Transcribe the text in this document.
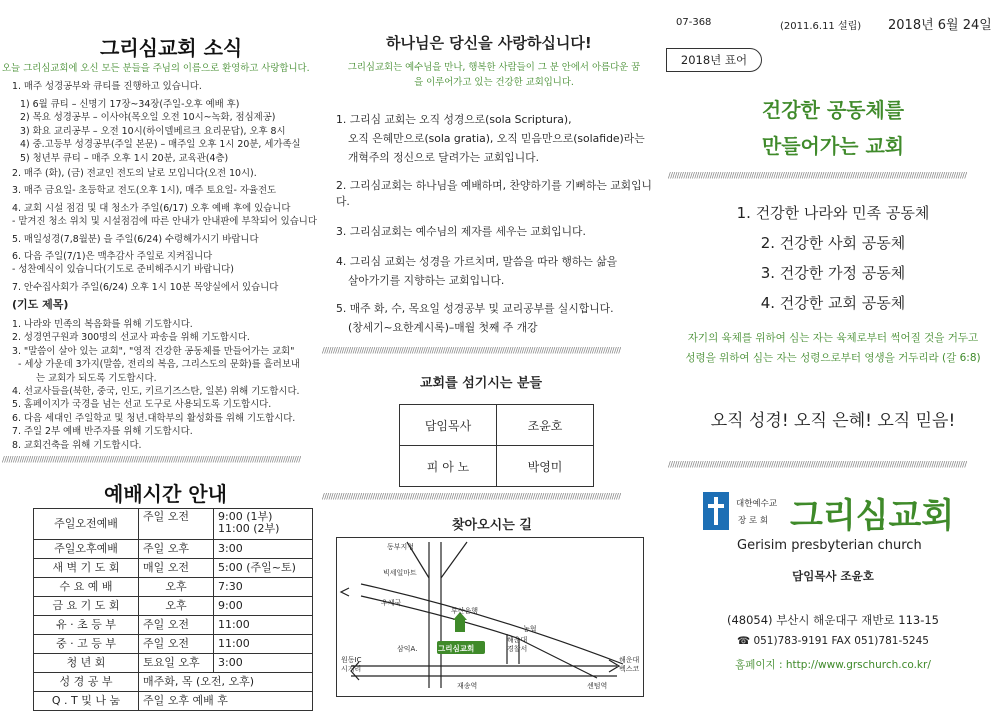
그리심교회 소식
오늘 그리심교회에 오신 모든 분들을 주님의 이름으로 환영하고 사랑합니다.
1. 매주 성경공부와 큐티를 진행하고 있습니다.
1) 6월 큐티 – 신명기 17장~34장(주일-오후 예배 후)
2) 목요 성경공부 – 이사야(목오일 오전 10시~녹화, 점심제공)
3) 화요 교리공부 – 오전 10시(하이델베르크 요리문답), 오후 8시
4) 중.고등부 성경공부(주일 본문) – 매주일 오후 1시 20분, 세가족실
5) 청년부 큐티 – 매주 오후 1시 20분, 교육관(4층)
2. 매주 (화), (금) 전교인 전도의 날로 모입니다(오전 10시).
3. 매주 금요일- 초등학교 전도(오후 1시), 매주 토요일- 자율전도
4. 교회 시설 점검 및 대 청소가 주일(6/17) 오후 예배 후에 있습니다
- 맡겨진 청소 위치 및 시설점검에 따른 안내가 안내판에 부착되어 있습니다
5. 매일성경(7,8월분) 을 주일(6/24) 수령해가시기 바랍니다
6. 다음 주일(7/1)은 맥추감사 주일로 지켜집니다
- 성찬예식이 있습니다(기도로 준비해주시기 바랍니다)
7. 안수집사회가 주일(6/24) 오후 1시 10분 목양실에서 있습니다
(기도 제목)
1. 나라와 민족의 복음화를 위해 기도합시다.
2. 성경연구원과 300명의 선교사 파송을 위해 기도합시다.
3. "말씀이 살아 있는 교회", "영적 건강한 공동체를 만들어가는 교회"
- 세상 가운데 3가지(말씀, 전리의 복음, 그리스도의 문화)를 흘러보내
는 교회가 되도록 기도합시다.
4. 선교사들을(북한, 중국, 인도, 키르기즈스탄, 일본) 위해 기도합시다.
5. 홈페이지가 국경을 넘는 선교 도구로 사용되도록 기도합시다.
6. 다음 세대인 주일학교 및 청년.대학부의 활성화를 위해 기도합시다.
7. 주일 2부 예배 반주자를 위해 기도합시다.
8. 교회건축을 위해 기도합시다.
////////////////////////////////////////////////////////////////////////////////////////////////////////////////////////////////////////
예배시간 안내
주일오전예배	주일 오전	9:00 (1부)
11:00 (2부)

주일오후예배	주일 오후	3:00
새 벽 기 도 회	매일 오전	5:00 (주일~토)
수 요 예 배	오후	7:30
금 요 기 도 회	오후	9:00
유 · 초 등 부	주일 오전	11:00
중 · 고 등 부	주일 오전	11:00
청 년 회	토요일 오후	3:00
성 경 공 부	매주화, 목 (오전, 오후)	
Q . T 및 나 눔	주일 오후 예배 후	
하나님은 당신을 사랑하십니다!
그리심교회는 예수님을 만나, 행복한 사람들이 그 분 안에서 아름다운 꿈을 이루어가고 있는 건강한 교회입니다.
1. 그리심 교회는 오직 성경으로(sola Scriptura),
오직 은혜만으로(sola gratia), 오직 믿음만으로(solafide)라는
개혁주의 정신으로 달려가는 교회입니다.
2. 그리심교회는 하나님을 예배하며, 찬양하기를 기뻐하는 교회입니다.
3. 그리심교회는 예수님의 제자를 세우는 교회입니다.
4. 그리심 교회는 성경을 가르치며, 말씀을 따라 행하는 삶을
살아가기를 지향하는 교회입니다.
5. 매주 화, 수, 목요일 성경공부 및 교리공부를 실시합니다.
(창세기~요한계시록)–매월 첫째 주 개강
////////////////////////////////////////////////////////////////////////////////////////////////////////////////////////////////////////
교회를 섬기시는 분들
담임목사	조윤호
피 아 노	박영미
////////////////////////////////////////////////////////////////////////////////////////////////////////////////////////////////////////
찾아오시는 길
동부지청
빅세일마트
우체국
부산은행
농협
해운대
경찰서
삼익A.	그리심교회
원동IC
시거리
재송역
해운대
벡스코
센텀역
07-368	(2011.6.11 설립) 2018년 6월 24일
2018년 표어
건강한 공동체를
만들어가는 교회
////////////////////////////////////////////////////////////////////////////////////////////////////////////////////////////////////////
1. 건강한 나라와 민족 공동체
2. 건강한 사회 공동체
3. 건강한 가정 공동체
4. 건강한 교회 공동체
자기의 육체를 위하여 심는 자는 육체로부터 썩어질 것을 거두고
성령을 위하여 심는 자는 성령으로부터 영생을 거두리라 (갈 6:8)
오직 성경! 오직 은혜! 오직 믿음!
////////////////////////////////////////////////////////////////////////////////////////////////////////////////////////////////////////
대한예수교
장 로 회 그리심교회
Gerisim presbyterian church
담임목사 조윤호
(48054) 부산시 해운대구 재반로 113-15
☎ 051)783-9191 FAX 051)781-5245
홈페이지 : http://www.grschurch.co.kr/
